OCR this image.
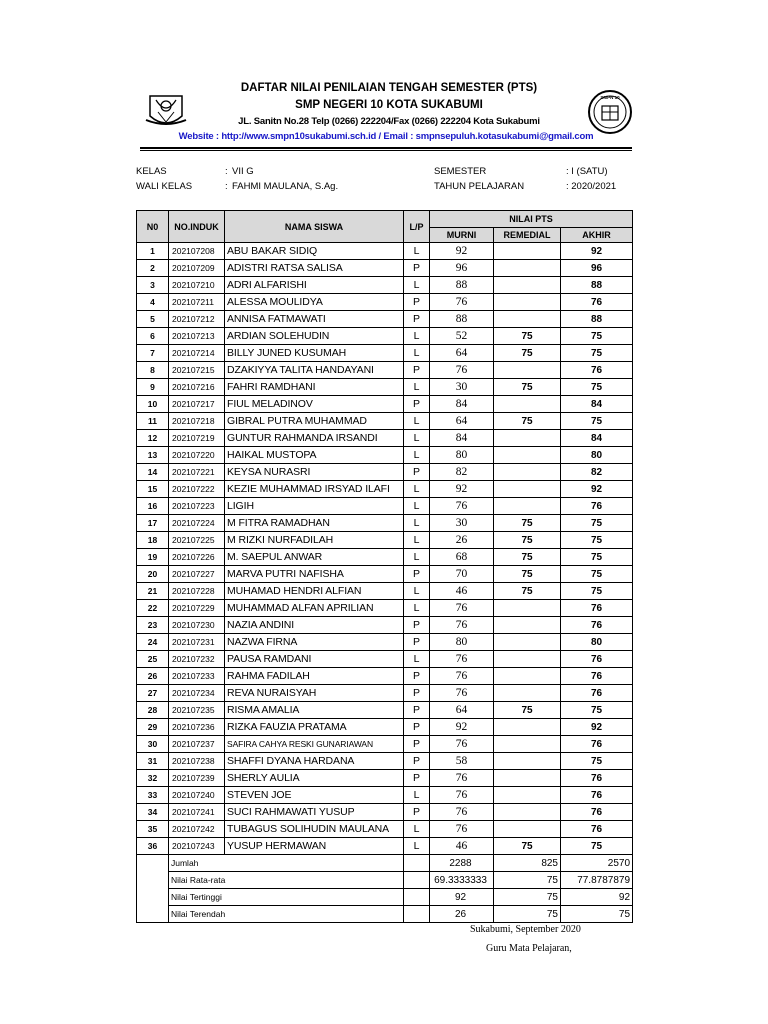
DAFTAR NILAI PENILAIAN TENGAH SEMESTER (PTS)
SMP NEGERI 10 KOTA SUKABUMI
JL. Sanitn No.28 Telp (0266) 222204/Fax (0266) 222204 Kota Sukabumi
Website : http://www.smpn10sukabumi.sch.id / Email : smpnsepuluh.kotasukabumi@gmail.com
SMPN 10
KELAS	: VII G
WALI KELAS	: FAHMI MAULANA, S.Ag.
SEMESTER	: I (SATU)
TAHUN PELAJARAN	: 2020/2021
N0	NO.INDUK	NAMA SISWA	L/P	NILAI PTS		
				MURNI	REMEDIAL	AKHIR
1	202107208	ABU BAKAR SIDIQ	L	92		92
2	202107209	ADISTRI RATSA SALISA	P	96		96
3	202107210	ADRI ALFARISHI	L	88		88
4	202107211	ALESSA MOULIDYA	P	76		76
5	202107212	ANNISA FATMAWATI	P	88		88
6	202107213	ARDIAN SOLEHUDIN	L	52	75	75
7	202107214	BILLY JUNED KUSUMAH	L	64	75	75
8	202107215	DZAKIYYA TALITA HANDAYANI	P	76		76
9	202107216	FAHRI RAMDHANI	L	30	75	75
10	202107217	FIUL MELADINOV	P	84		84
11	202107218	GIBRAL PUTRA MUHAMMAD	L	64	75	75
12	202107219	GUNTUR RAHMANDA IRSANDI	L	84		84
13	202107220	HAIKAL MUSTOPA	L	80		80
14	202107221	KEYSA NURASRI	P	82		82
15	202107222	KEZIE MUHAMMAD IRSYAD ILAFI	L	92		92
16	202107223	LIGIH	L	76		76
17	202107224	M FITRA RAMADHAN	L	30	75	75
18	202107225	M RIZKI NURFADILAH	L	26	75	75
19	202107226	M. SAEPUL ANWAR	L	68	75	75
20	202107227	MARVA PUTRI NAFISHA	P	70	75	75
21	202107228	MUHAMAD HENDRI ALFIAN	L	46	75	75
22	202107229	MUHAMMAD ALFAN APRILIAN	L	76		76
23	202107230	NAZIA ANDINI	P	76		76
24	202107231	NAZWA FIRNA	P	80		80
25	202107232	PAUSA RAMDANI	L	76		76
26	202107233	RAHMA FADILAH	P	76		76
27	202107234	REVA NURAISYAH	P	76		76
28	202107235	RISMA AMALIA	P	64	75	75
29	202107236	RIZKA FAUZIA PRATAMA	P	92		92
30	202107237	SAFIRA CAHYA RESKI GUNARIAWAN	P	76		76
31	202107238	SHAFFI DYANA HARDANA	P	58		75
32	202107239	SHERLY AULIA	P	76		76
33	202107240	STEVEN JOE	L	76		76
34	202107241	SUCI RAHMAWATI YUSUP	P	76		76
35	202107242	TUBAGUS SOLIHUDIN MAULANA	L	76		76
36	202107243	YUSUP HERMAWAN	L	46	75	75
	Jumlah			2288	825	2570
	Nilai Rata-rata			69.3333333	75	77.8787879
	Nilai Tertinggi			92	75	92
	Nilai Terendah			26	75	75
Sukabumi, September 2020
Guru Mata Pelajaran,
